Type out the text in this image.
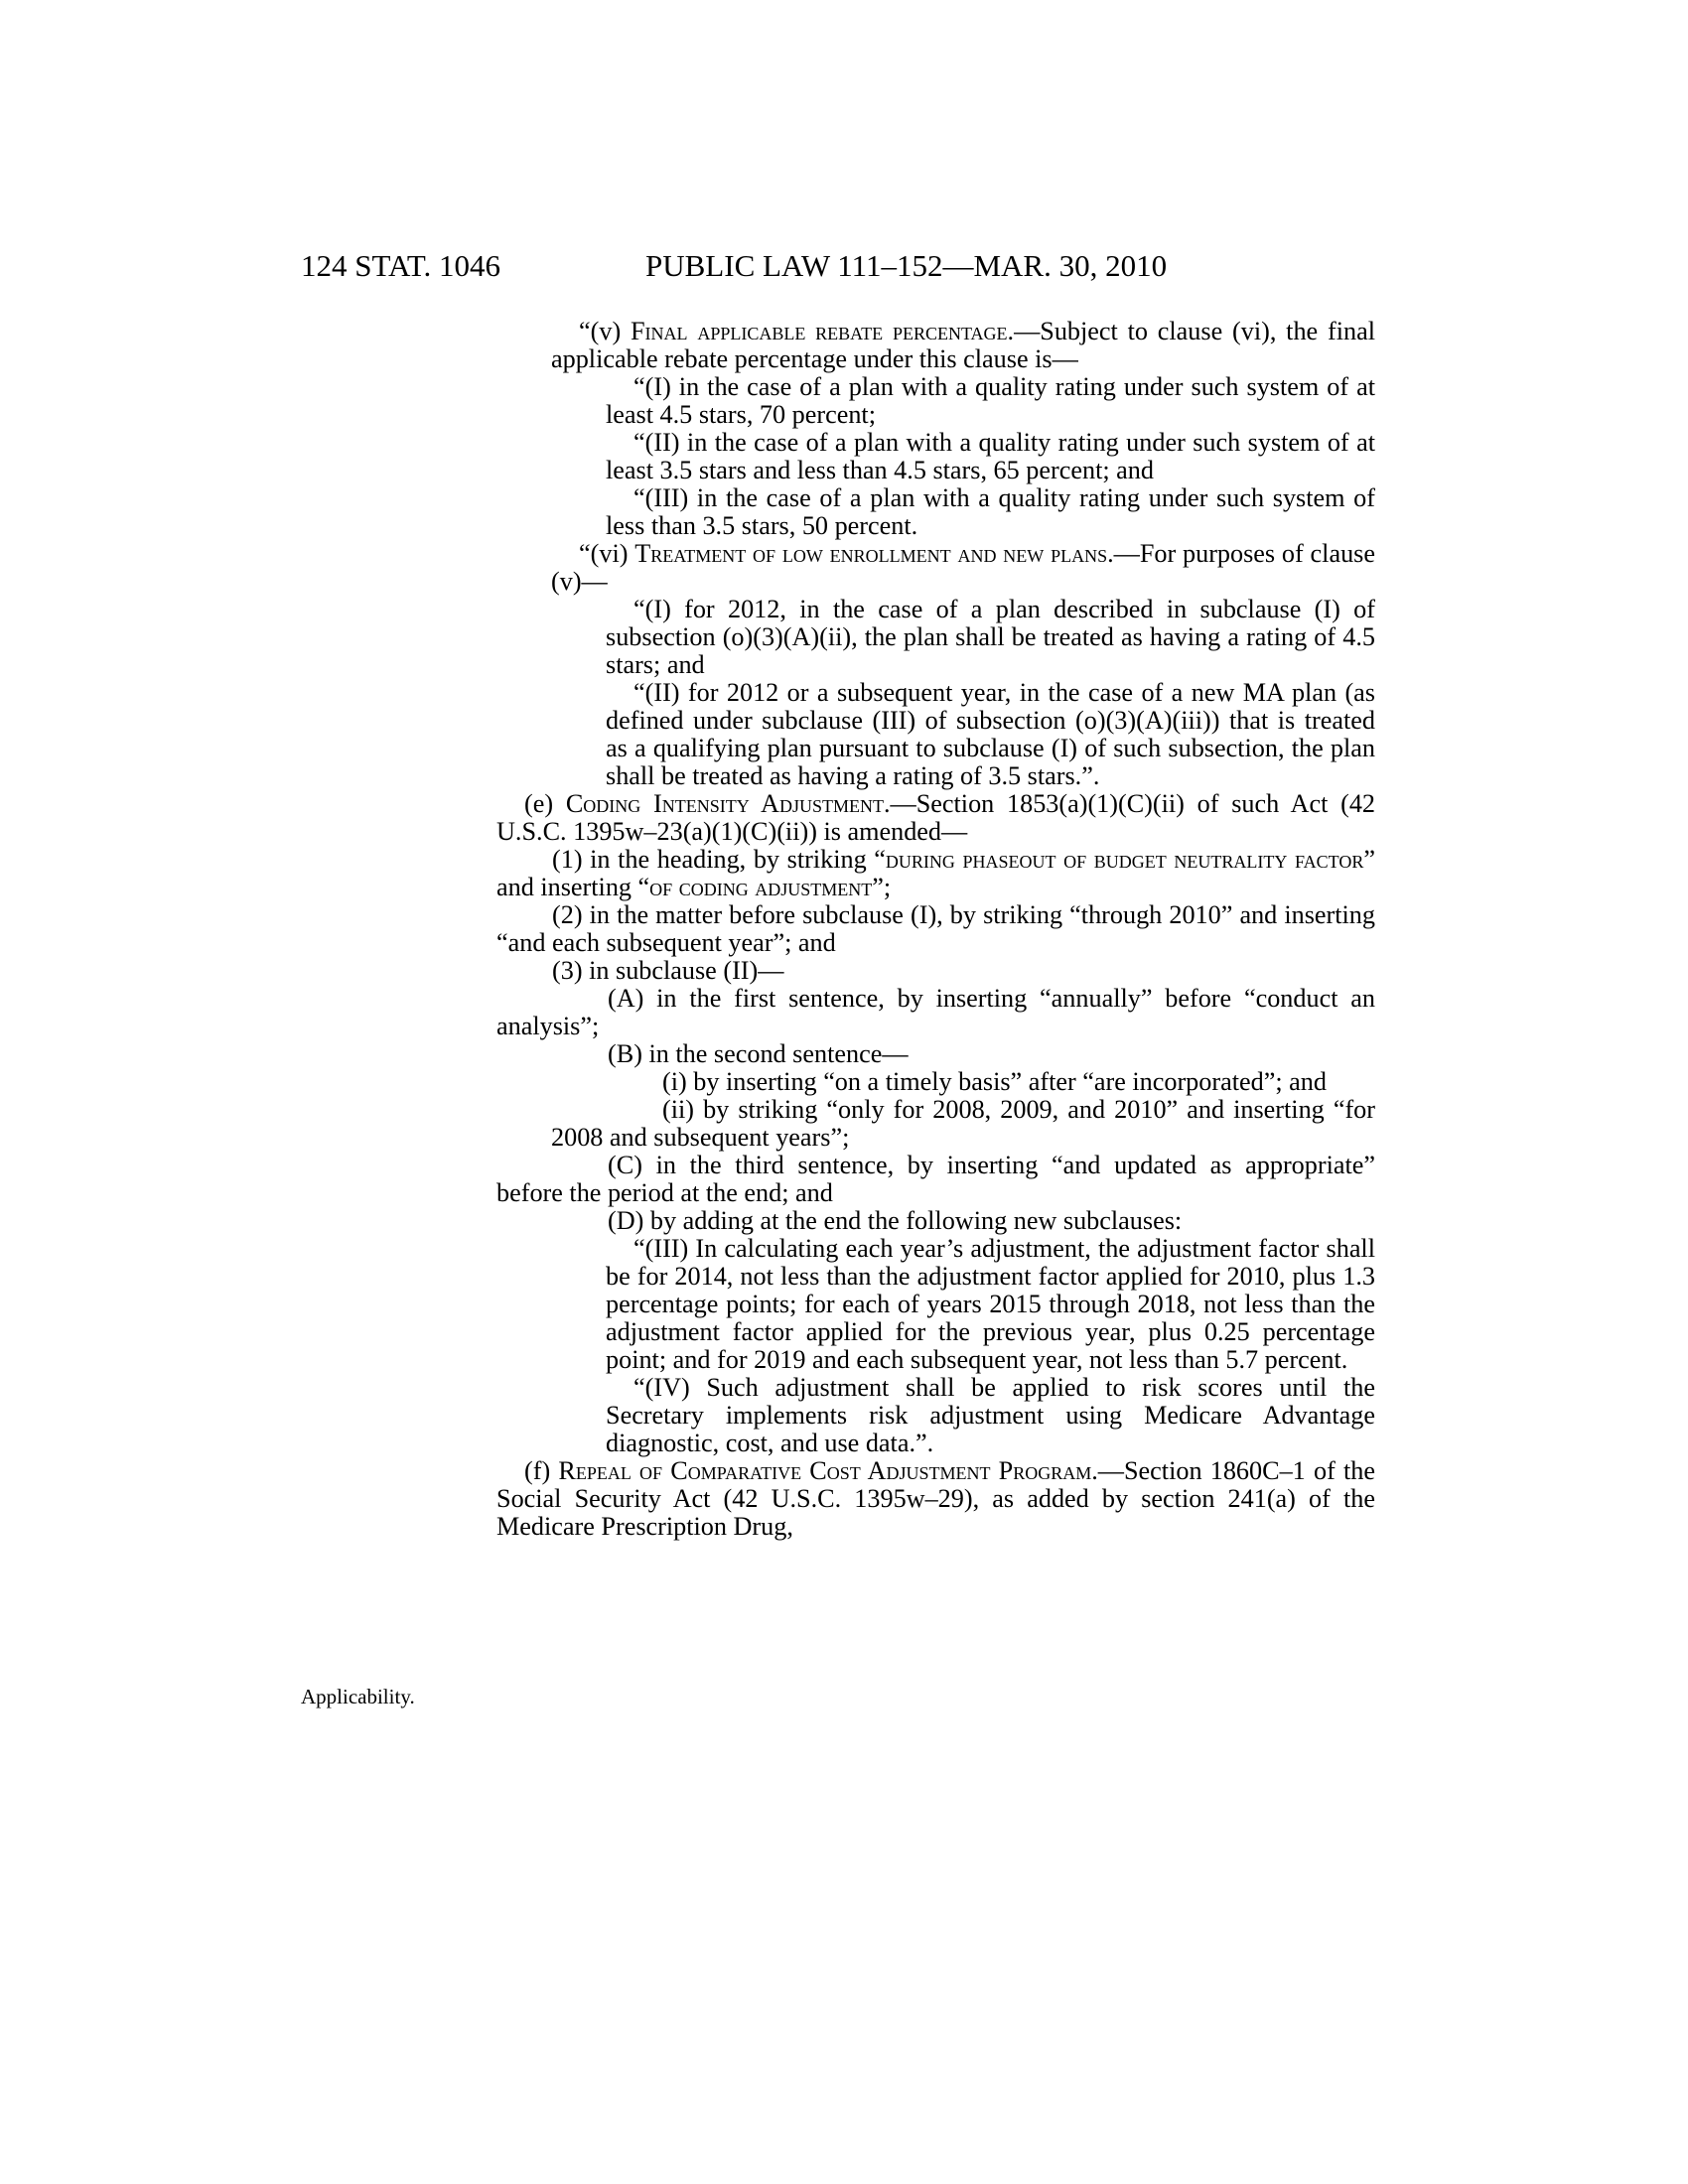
124 STAT. 1046	PUBLIC LAW 111–152—MAR. 30, 2010
Applicability.

“(v) Final applicable rebate percentage.—Subject to clause (vi), the final applicable rebate percentage under this clause is—

“(I) in the case of a plan with a quality rating under such system of at least 4.5 stars, 70 percent;

“(II) in the case of a plan with a quality rating under such system of at least 3.5 stars and less than 4.5 stars, 65 percent; and

“(III) in the case of a plan with a quality rating under such system of less than 3.5 stars, 50 percent.

“(vi) Treatment of low enrollment and new plans.—For purposes of clause (v)—

“(I) for 2012, in the case of a plan described in subclause (I) of subsection (o)(3)(A)(ii), the plan shall be treated as having a rating of 4.5 stars; and

“(II) for 2012 or a subsequent year, in the case of a new MA plan (as defined under subclause (III) of subsection (o)(3)(A)(iii)) that is treated as a qualifying plan pursuant to subclause (I) of such subsection, the plan shall be treated as having a rating of 3.5 stars.”.

(e) Coding Intensity Adjustment.—Section 1853(a)(1)(C)(ii) of such Act (42 U.S.C. 1395w–23(a)(1)(C)(ii)) is amended—

(1) in the heading, by striking “during phaseout of budget neutrality factor” and inserting “of coding adjustment”;

(2) in the matter before subclause (I), by striking “through 2010” and inserting “and each subsequent year”; and

(3) in subclause (II)—

(A) in the first sentence, by inserting “annually” before “conduct an analysis”;

(B) in the second sentence—

(i) by inserting “on a timely basis” after “are incorporated”; and

(ii) by striking “only for 2008, 2009, and 2010” and inserting “for 2008 and subsequent years”;

(C) in the third sentence, by inserting “and updated as appropriate” before the period at the end; and

(D) by adding at the end the following new subclauses:

“(III) In calculating each year’s adjustment, the adjustment factor shall be for 2014, not less than the adjustment factor applied for 2010, plus 1.3 percentage points; for each of years 2015 through 2018, not less than the adjustment factor applied for the previous year, plus 0.25 percentage point; and for 2019 and each subsequent year, not less than 5.7 percent.

“(IV) Such adjustment shall be applied to risk scores until the Secretary implements risk adjustment using Medicare Advantage diagnostic, cost, and use data.”.

(f) Repeal of Comparative Cost Adjustment Program.—Section 1860C–1 of the Social Security Act (42 U.S.C. 1395w–29), as added by section 241(a) of the Medicare Prescription Drug,
